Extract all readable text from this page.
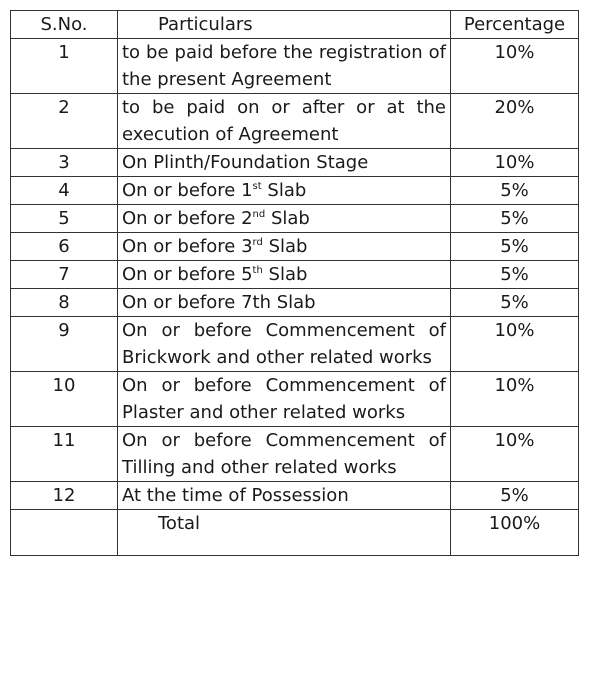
S.No.	Particulars	Percentage
1	to be paid before the registration of the present Agreement	10%
2	to be paid on or after or at the execution of Agreement	20%
3	On Plinth/Foundation Stage	10%
4	On or before 1st Slab	5%
5	On or before 2nd Slab	5%
6	On or before 3rd Slab	5%
7	On or before 5th Slab	5%
8	On or before 7th Slab	5%
9	On or before Commencement of Brickwork and other related works	10%
10	On or before Commencement of Plaster and other related works	10%
11	On or before Commencement of Tilling and other related works	10%
12	At the time of Possession	5%
	Total	100%
